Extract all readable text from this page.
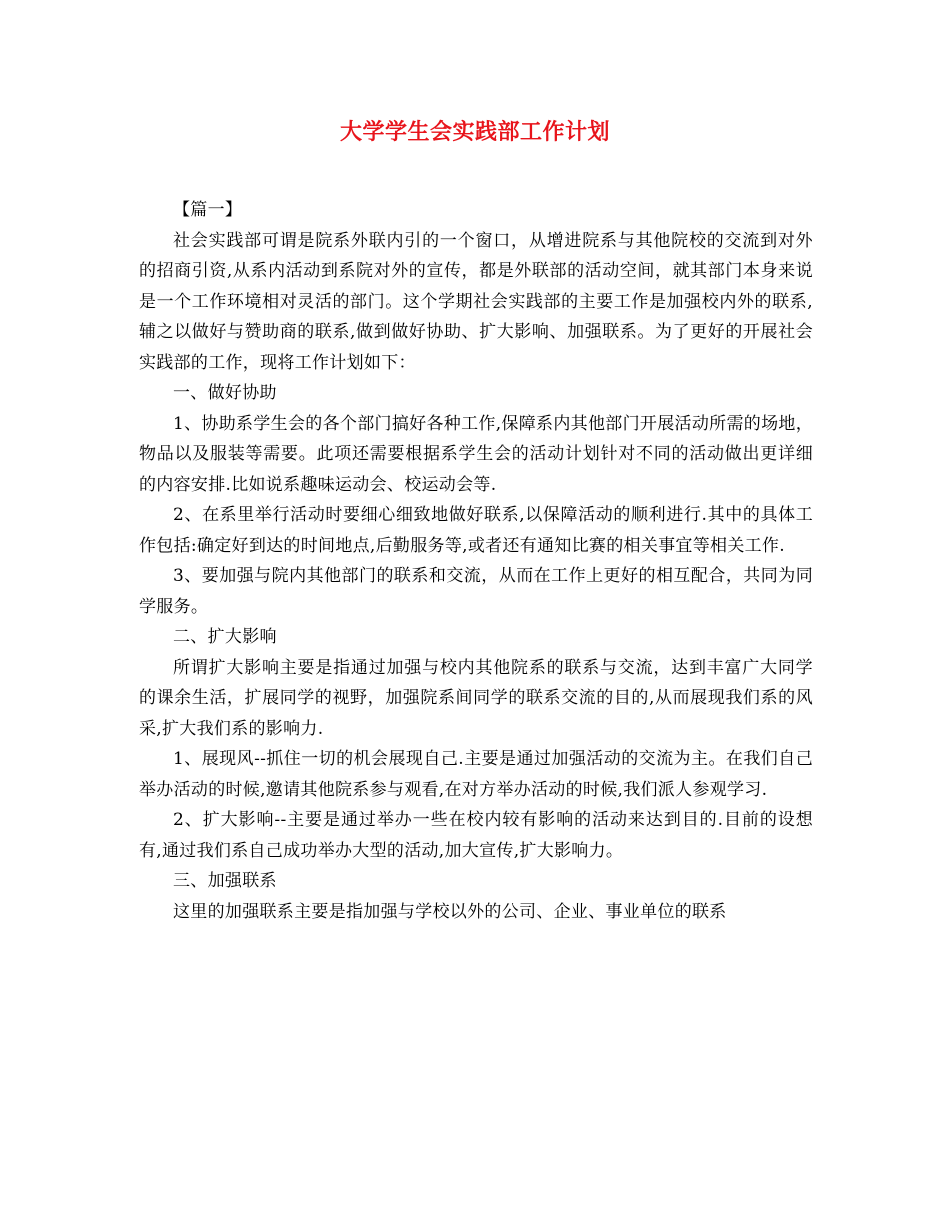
大学学生会实践部工作计划

【篇一】

社会实践部可谓是院系外联内引的一个窗口，从增进院系与其他院校的交流到对外的招商引资,从系内活动到系院对外的宣传，都是外联部的活动空间，就其部门本身来说是一个工作环境相对灵活的部门。这个学期社会实践部的主要工作是加强校内外的联系,辅之以做好与赞助商的联系,做到做好协助、扩大影响、加强联系。为了更好的开展社会实践部的工作，现将工作计划如下：

一、做好协助

1、协助系学生会的各个部门搞好各种工作,保障系内其他部门开展活动所需的场地，物品以及服装等需要。此项还需要根据系学生会的活动计划针对不同的活动做出更详细的内容安排.比如说系趣味运动会、校运动会等.

2、在系里举行活动时要细心细致地做好联系,以保障活动的顺利进行.其中的具体工作包括:确定好到达的时间地点,后勤服务等,或者还有通知比赛的相关事宜等相关工作.

3、要加强与院内其他部门的联系和交流，从而在工作上更好的相互配合，共同为同学服务。

二、扩大影响

所谓扩大影响主要是指通过加强与校内其他院系的联系与交流，达到丰富广大同学的课余生活，扩展同学的视野，加强院系间同学的联系交流的目的,从而展现我们系的风采,扩大我们系的影响力.

1、展现风--抓住一切的机会展现自己.主要是通过加强活动的交流为主。在我们自己举办活动的时候,邀请其他院系参与观看,在对方举办活动的时候,我们派人参观学习.

2、扩大影响--主要是通过举办一些在校内较有影响的活动来达到目的.目前的设想有,通过我们系自己成功举办大型的活动,加大宣传,扩大影响力。

三、加强联系

这里的加强联系主要是指加强与学校以外的公司、企业、事业单位的联系
